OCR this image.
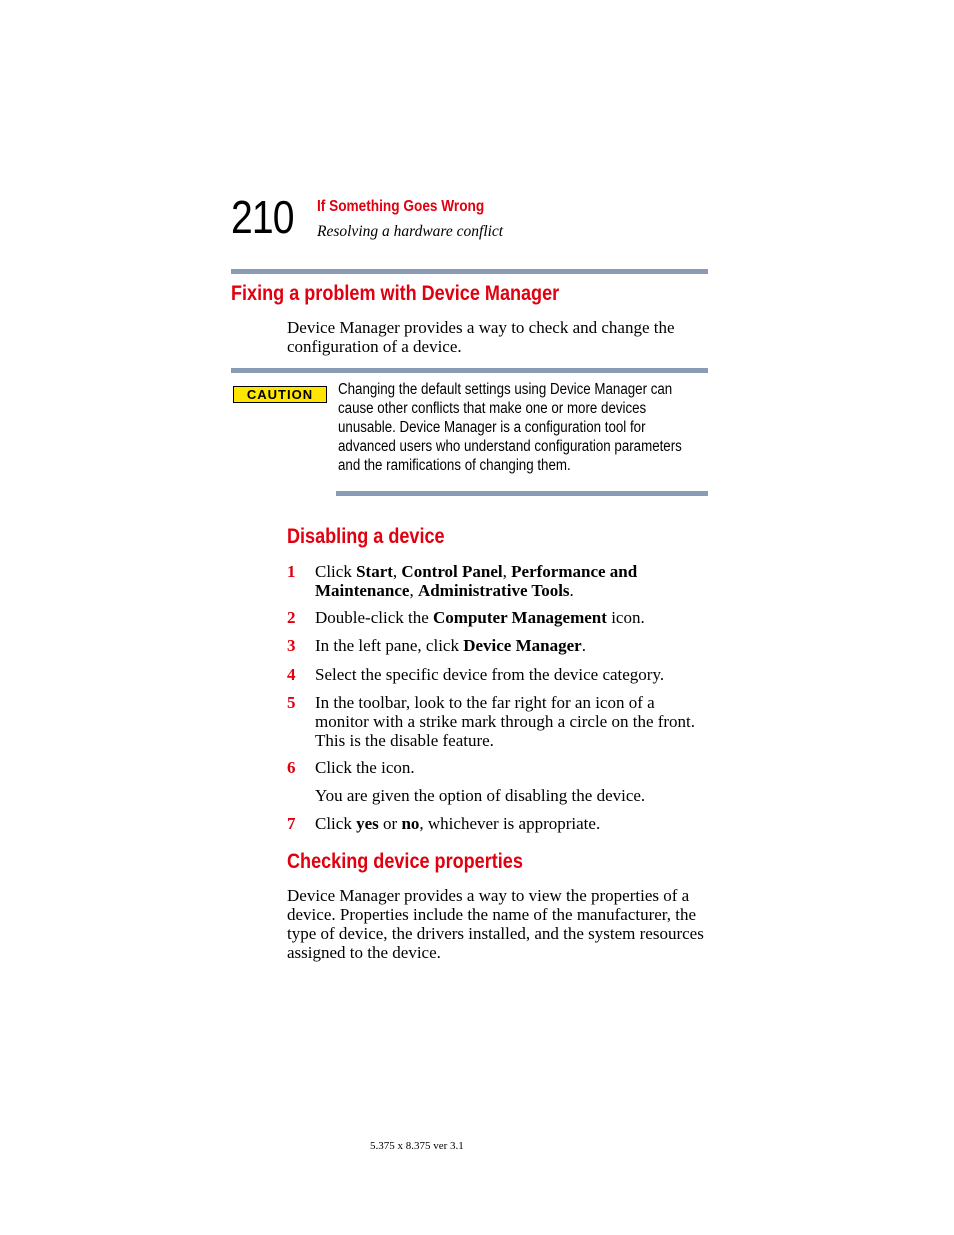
210 If Something Goes Wrong
Resolving a hardware conflict
Fixing a problem with Device Manager
Device Manager provides a way to check and change the configuration of a device.
CAUTION	Changing the default settings using Device Manager can cause other conflicts that make one or more devices unusable. Device Manager is a configuration tool for advanced users who understand configuration parameters and the ramifications of changing them.
Disabling a device
1 Click Start, Control Panel, Performance and Maintenance, Administrative Tools.
2 Double-click the Computer Management icon.
3 In the left pane, click Device Manager.
4 Select the specific device from the device category.
5 In the toolbar, look to the far right for an icon of a monitor with a strike mark through a circle on the front. This is the disable feature.
6 Click the icon.
You are given the option of disabling the device.
7 Click yes or no, whichever is appropriate.
Checking device properties
Device Manager provides a way to view the properties of a device. Properties include the name of the manufacturer, the type of device, the drivers installed, and the system resources assigned to the device.
5.375 x 8.375 ver 3.1
